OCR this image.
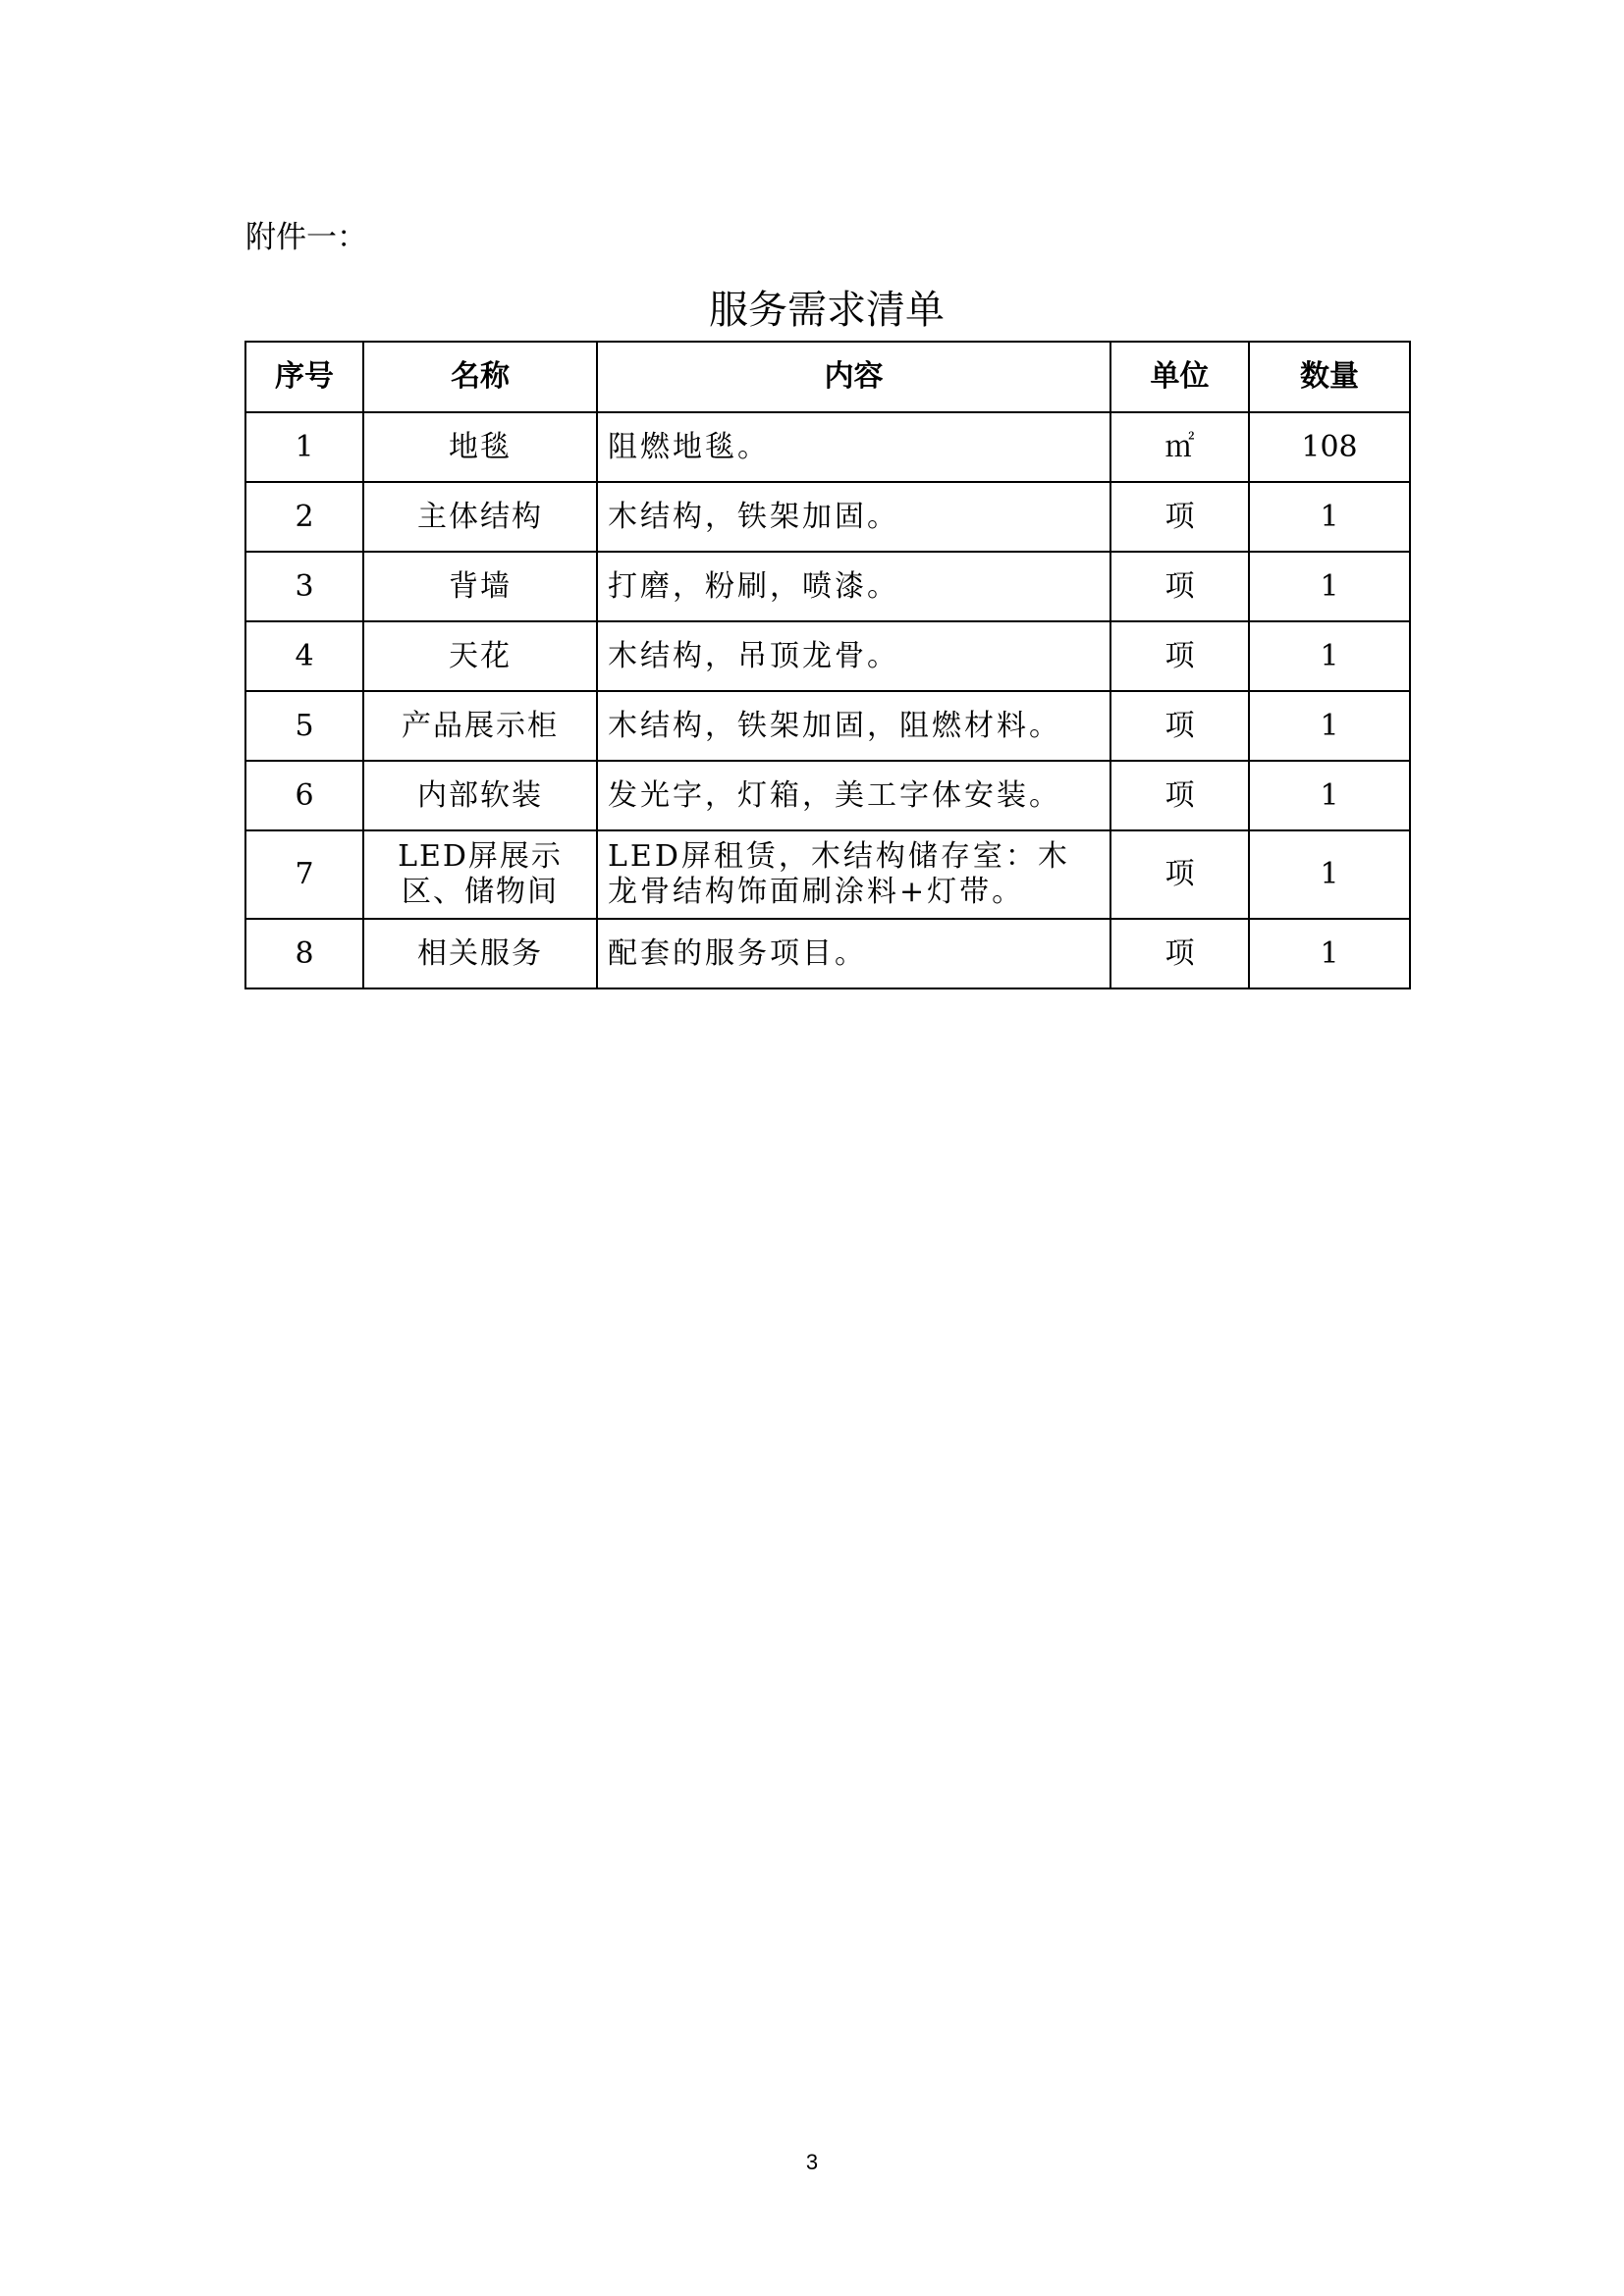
附件一：
服务需求清单
序号	名称	内容	单位	数量
1	地毯	阻燃地毯。	㎡	108
2	主体结构	木结构，铁架加固。	项	1
3	背墙	打磨，粉刷，喷漆。	项	1
4	天花	木结构，吊顶龙骨。	项	1
5	产品展示柜	木结构，铁架加固，阻燃材料。	项	1
6	内部软装	发光字，灯箱，美工字体安装。	项	1
7	LED屏展示区、储物间	LED屏租赁，木结构储存室：木龙骨结构饰面刷涂料+灯带。	项	1
8	相关服务	配套的服务项目。	项	1
3
